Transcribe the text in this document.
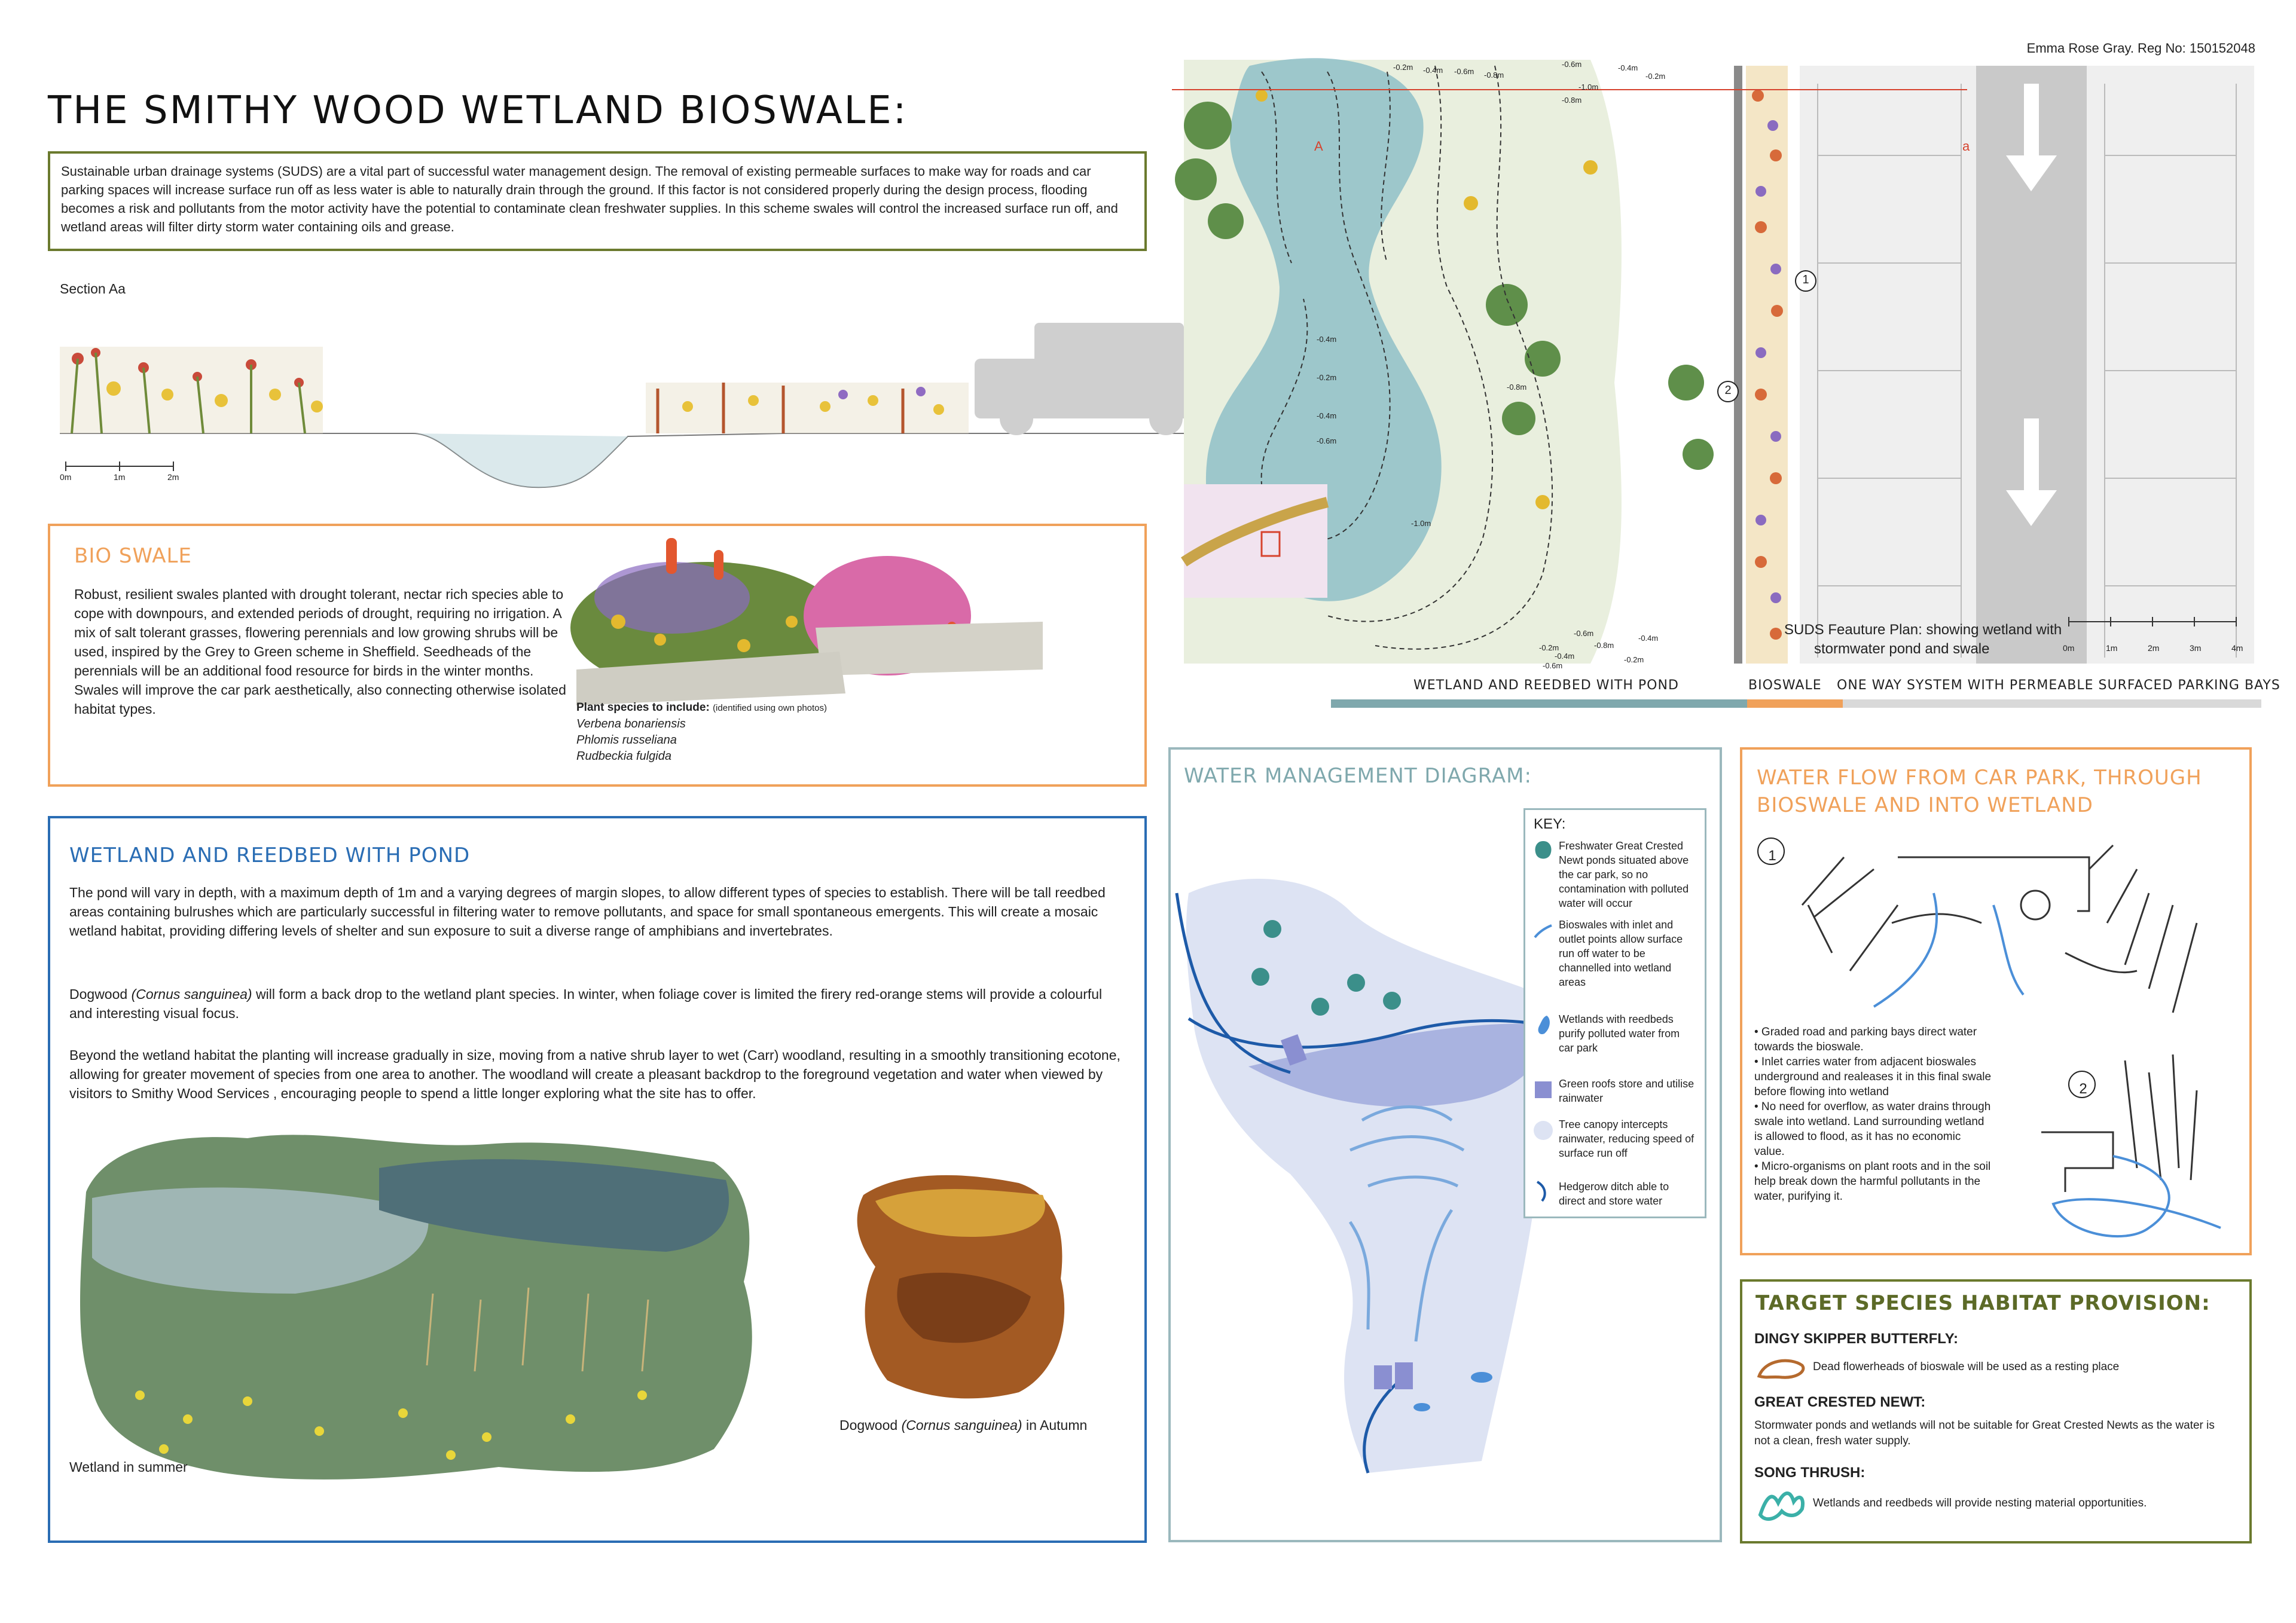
Emma Rose Gray. Reg No: 150152048
THE SMITHY WOOD WETLAND BIOSWALE:
Sustainable urban drainage systems (SUDS) are a vital part of successful water management design. The removal of existing permeable surfaces to make way for roads and car parking spaces will increase surface run off as less water is able to naturally drain through the ground. If this factor is not considered properly during the design process, flooding becomes a risk and pollutants from the motor activity have the potential to contaminate clean freshwater supplies. In this scheme swales will control the increased surface run off, and wetland areas will filter dirty storm water containing oils and grease.
Section Aa
0m	1m	2m
BIO SWALE
Robust, resilient swales planted with drought tolerant, nectar rich species able to cope with downpours, and extended periods of drought, requiring no irrigation. A mix of salt tolerant grasses, flowering perennials and low growing shrubs will be used, inspired by the Grey to Green scheme in Sheffield. Seedheads of the perennials will be an additional food resource for birds in the winter months. Swales will improve the car park aesthetically, also connecting otherwise isolated habitat types.	Plant species to include: (identified using own photos)
Verbena bonariensis
Phlomis russeliana
Rudbeckia fulgida
WETLAND AND REEDBED WITH POND
The pond will vary in depth, with a maximum depth of 1m and a varying degrees of margin slopes, to allow different types of species to establish. There will be tall reedbed areas containing bulrushes which are particularly successful in filtering water to remove pollutants, and space for small spontaneous emergents. This will create a mosaic wetland habitat, providing differing levels of shelter and sun exposure to suit a diverse range of amphibians and invertebrates.
Dogwood (Cornus sanguinea) will form a back drop to the wetland plant species. In winter, when foliage cover is limited the firery red-orange stems will provide a colourful and interesting visual focus.
Beyond the wetland habitat the planting will increase gradually in size, moving from a native shrub layer to wet (Carr) woodland, resulting in a smoothly transitioning ecotone, allowing for greater movement of species from one area to another. The woodland will create a pleasant backdrop to the foreground vegetation and water when viewed by visitors to Smithy Wood Services , encouraging people to spend a little longer exploring what the site has to offer.
Wetland in summer
Dogwood (Cornus sanguinea) in Autumn
A	a
-0.2m -0.4m -0.6m -0.8m
-0.6m	-0.4m
-0.2m
-0.8m
-1.0m
-0.4m
-0.2m
-0.4m
-0.6m
-0.8m
-1.0m
-0.6m
-0.4m	-0.2m
-0.8m
-0.6m
-0.4m
-0.2m
1
2
SUDS Feauture Plan: showing wetland with
stormwater pond and swale	0m	1m	2m	3m	4m
WETLAND AND REEDBED WITH POND	BIOSWALE ONE WAY SYSTEM WITH PERMEABLE SURFACED PARKING BAYS
WATER MANAGEMENT DIAGRAM:
KEY:
Freshwater Great Crested Newt ponds situated above the car park, so no contamination with polluted water will occur
Bioswales with inlet and outlet points allow surface run off water to be channelled into wetland areas
Wetlands with reedbeds purify polluted water from car park
Green roofs store and utilise rainwater
Tree canopy intercepts rainwater, reducing speed of surface run off
Hedgerow ditch able to direct and store water
WATER FLOW FROM CAR PARK, THROUGH
BIOSWALE AND INTO WETLAND
1
2
• Graded road and parking bays direct water towards the bioswale.
• Inlet carries water from adjacent bioswales underground and realeases it in this final swale before flowing into wetland
• No need for overflow, as water drains through swale into wetland. Land surrounding wetland is allowed to flood, as it has no economic value.
• Micro-organisms on plant roots and in the soil help break down the harmful pollutants in the water, purifying it.
TARGET SPECIES HABITAT PROVISION:
DINGY SKIPPER BUTTERFLY:
Dead flowerheads of bioswale will be used as a resting place
GREAT CRESTED NEWT:
Stormwater ponds and wetlands will not be suitable for Great Crested Newts as the water is not a clean, fresh water supply.
SONG THRUSH:
Wetlands and reedbeds will provide nesting material opportunities.
